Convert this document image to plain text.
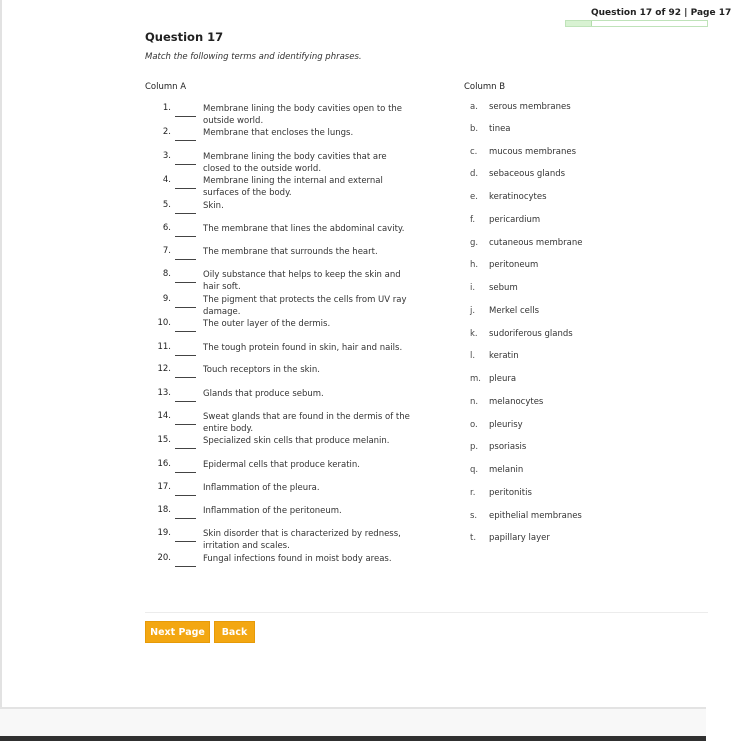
Question 17 of 92 | Page 17
Question 17
Match the following terms and identifying phrases.
Column A	Column B
1.	Membrane lining the body cavities open to the outside world.
2.	Membrane that encloses the lungs.
3.	Membrane lining the body cavities that are closed to the outside world.
4.	Membrane lining the internal and external surfaces of the body.
5.	Skin.
6.	The membrane that lines the abdominal cavity.
7.	The membrane that surrounds the heart.
8.	Oily substance that helps to keep the skin and hair soft.
9.	The pigment that protects the cells from UV ray damage.
10.	The outer layer of the dermis.
11.	The tough protein found in skin, hair and nails.
12.	Touch receptors in the skin.
13.	Glands that produce sebum.
14.	Sweat glands that are found in the dermis of the entire body.
15.	Specialized skin cells that produce melanin.
16.	Epidermal cells that produce keratin.
17.	Inflammation of the pleura.
18.	Inflammation of the peritoneum.
19.	Skin disorder that is characterized by redness, irritation and scales.
20.	Fungal infections found in moist body areas.
a.	serous membranes
b.	tinea
c.	mucous membranes
d.	sebaceous glands
e.	keratinocytes
f.	pericardium
g.	cutaneous membrane
h.	peritoneum
i.	sebum
j.	Merkel cells
k.	sudoriferous glands
l.	keratin
m. pleura
n.	melanocytes
o.	pleurisy
p.	psoriasis
q.	melanin
r.	peritonitis
s.	epithelial membranes
t.	papillary layer
Next Page	Back
